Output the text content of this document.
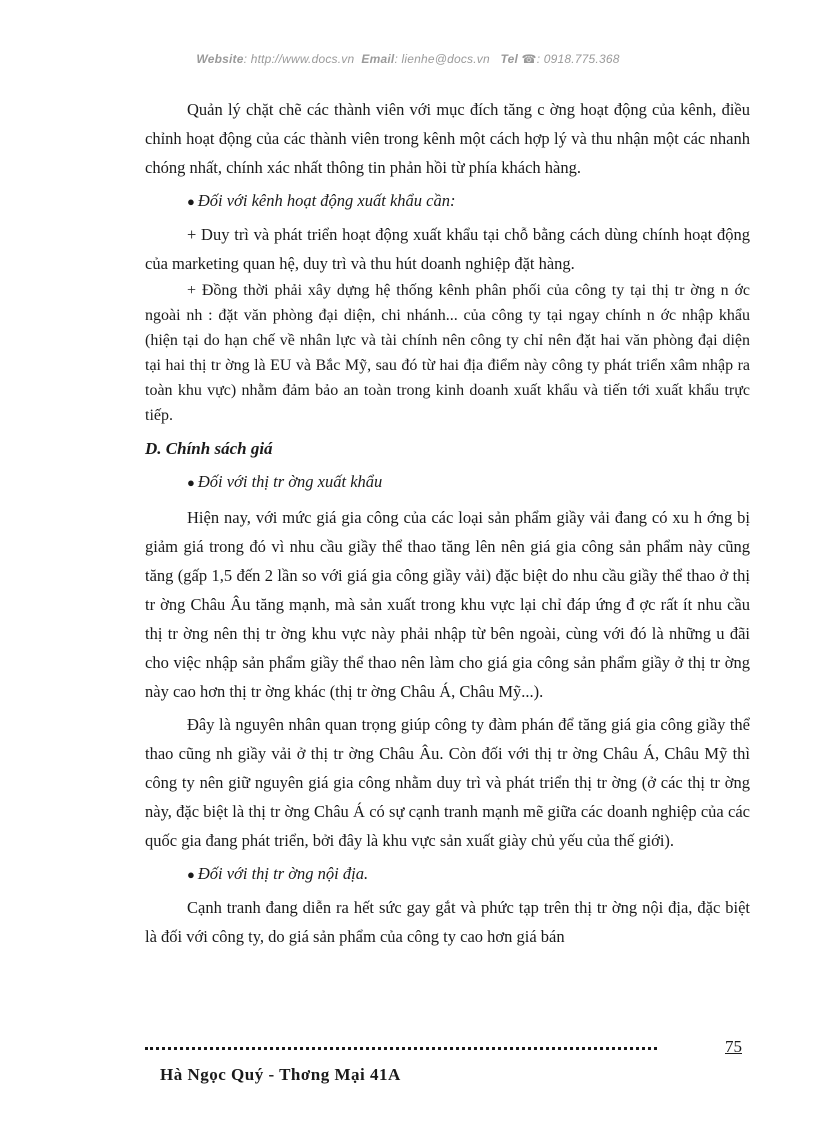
Website: http://www.docs.vn Email: lienhe@docs.vn Tel ☎: 0918.775.368

Quản lý chặt chẽ các thành viên với mục đích tăng c ờng hoạt động của kênh, điều chỉnh hoạt động của các thành viên trong kênh một cách hợp lý và thu nhận một các nhanh chóng nhất, chính xác nhất thông tin phản hồi từ phía khách hàng.

● Đối với kênh hoạt động xuất khẩu cần:

+ Duy trì và phát triển hoạt động xuất khẩu tại chỗ bằng cách dùng chính hoạt động của marketing quan hệ, duy trì và thu hút doanh nghiệp đặt hàng.

+ Đồng thời phải xây dựng hệ thống kênh phân phối của công ty tại thị tr ờng n ớc ngoài nh : đặt văn phòng đại diện, chi nhánh... của công ty tại ngay chính n ớc nhập khẩu (hiện tại do hạn chế về nhân lực và tài chính nên công ty chỉ nên đặt hai văn phòng đại diện tại hai thị tr ờng là EU và Bắc Mỹ, sau đó từ hai địa điểm này công ty phát triển xâm nhập ra toàn khu vực) nhằm đảm bảo an toàn trong kinh doanh xuất khẩu và tiến tới xuất khẩu trực tiếp.

D. Chính sách giá

● Đối với thị tr ờng xuất khẩu

Hiện nay, với mức giá gia công của các loại sản phẩm giầy vải đang có xu h ớng bị giảm giá trong đó vì nhu cầu giầy thể thao tăng lên nên giá gia công sản phẩm này cũng tăng (gấp 1,5 đến 2 lần so với giá gia công giầy vải) đặc biệt do nhu cầu giầy thể thao ở thị tr ờng Châu Âu tăng mạnh, mà sản xuất trong khu vực lại chỉ đáp ứng đ ợc rất ít nhu cầu thị tr ờng nên thị tr ờng khu vực này phải nhập từ bên ngoài, cùng với đó là những u đãi cho việc nhập sản phẩm giầy thể thao nên làm cho giá gia công sản phẩm giầy ở thị tr ờng này cao hơn thị tr ờng khác (thị tr ờng Châu Á, Châu Mỹ...).

Đây là nguyên nhân quan trọng giúp công ty đàm phán để tăng giá gia công giầy thể thao cũng nh giầy vải ở thị tr ờng Châu Âu. Còn đối với thị tr ờng Châu Á, Châu Mỹ thì công ty nên giữ nguyên giá gia công nhằm duy trì và phát triển thị tr ờng (ở các thị tr ờng này, đặc biệt là thị tr ờng Châu Á có sự cạnh tranh mạnh mẽ giữa các doanh nghiệp của các quốc gia đang phát triển, bởi đây là khu vực sản xuất giày chủ yếu của thế giới).

● Đối với thị tr ờng nội địa.

Cạnh tranh đang diễn ra hết sức gay gắt và phức tạp trên thị tr ờng nội địa, đặc biệt là đối với công ty, do giá sản phẩm của công ty cao hơn giá bán

75
Hà Ngọc Quý - Thơng Mại 41A
